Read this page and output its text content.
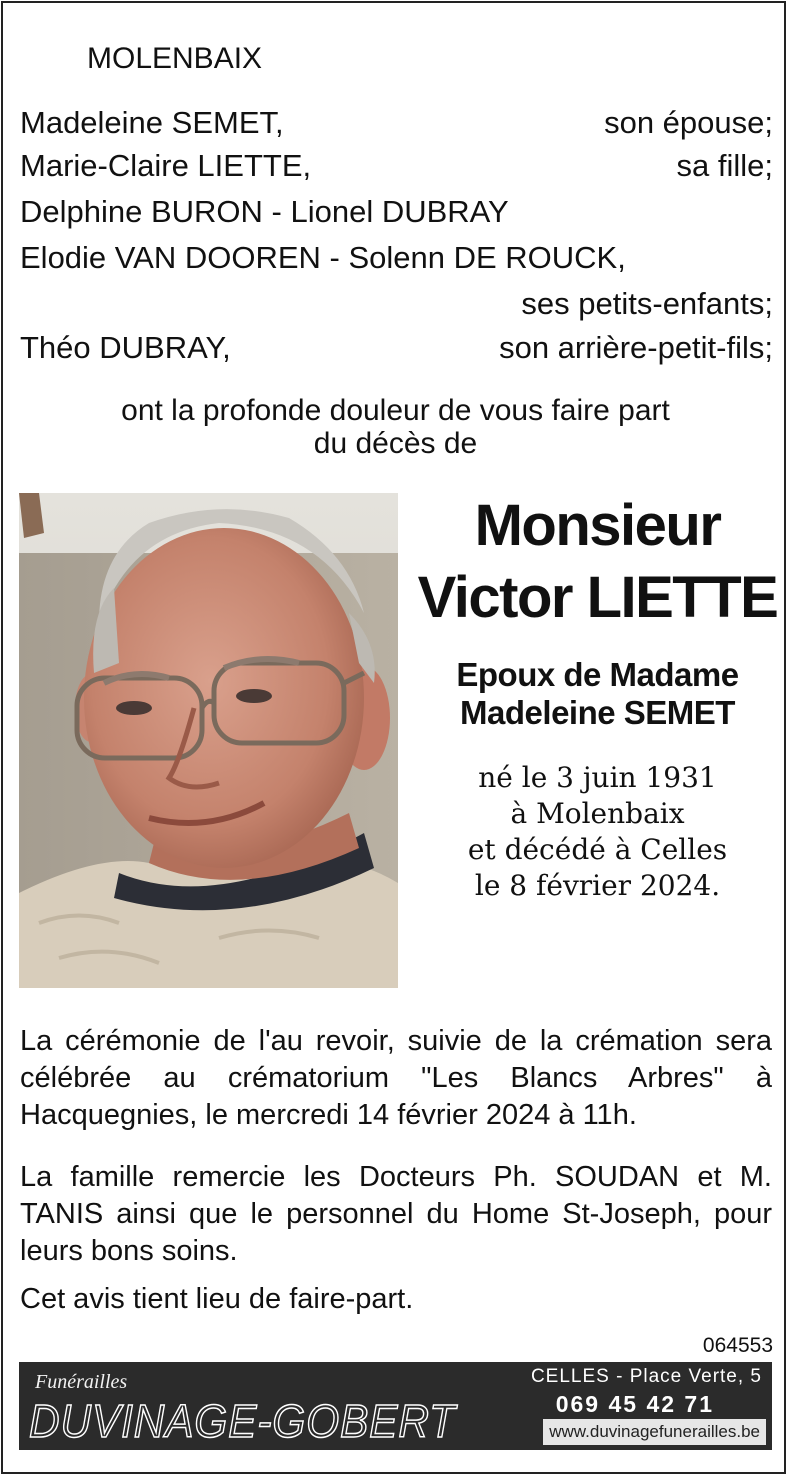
MOLENBAIX
Madeleine SEMET,	son épouse;
Marie-Claire LIETTE,	sa fille;
Delphine BURON - Lionel DUBRAY
Elodie VAN DOOREN - Solenn DE ROUCK,
ses petits-enfants;
Théo DUBRAY,	son arrière-petit-fils;
ont la profonde douleur de vous faire part
du décès de
Monsieur
Victor LIETTE
Epoux de Madame
Madeleine SEMET
né le 3 juin 1931
à Molenbaix
et décédé à Celles
le 8 février 2024.
La cérémonie de l'au revoir, suivie de la crémation sera célébrée au crématorium "Les Blancs Arbres" à Hacquegnies, le mercredi 14 février 2024 à 11h.
La famille remercie les Docteurs Ph. SOUDAN et M. TANIS ainsi que le personnel du Home St-Joseph, pour leurs bons soins.
Cet avis tient lieu de faire-part.
064553
Funérailles
DUVINAGE-GOBERT
CELLES - Place Verte, 5
069 45 42 71
www.duvinagefunerailles.be
